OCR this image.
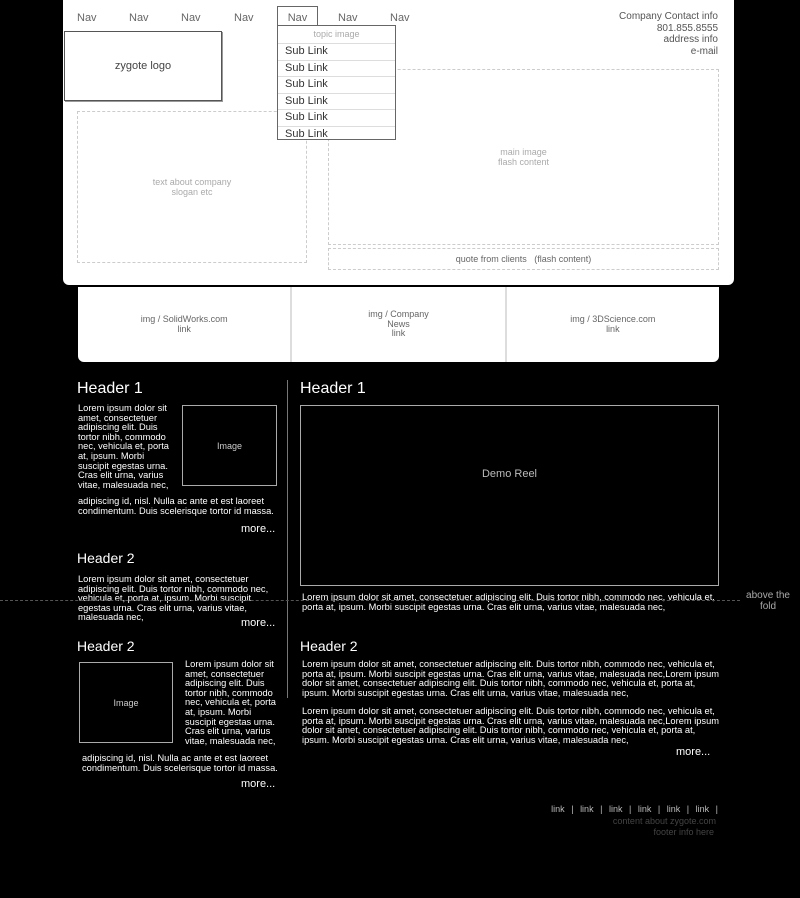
Nav	Nav	Nav	Nav	Nav	Nav	Nav	Company Contact info
801.855.8555
address info
e-mail
text about company
slogan etc
main image
flash content
quote from clients   (flash content)
zygote logo
topic image
Sub Link
Sub Link
Sub Link
Sub Link
Sub Link
Sub Link
img / SolidWorks.com
link
img / Company
News
link
img / 3DScience.com
link
Header 1
Lorem ipsum dolor sit amet, consectetuer adipiscing elit. Duis tortor nibh, commodo nec, vehicula et, porta at, ipsum. Morbi suscipit egestas urna. Cras elit urna, varius vitae, malesuada nec,
Image
adipiscing id, nisl. Nulla ac ante et est laoreet condimentum. Duis scelerisque tortor id massa.
more...
Header 2
Lorem ipsum dolor sit amet, consectetuer adipiscing elit. Duis tortor nibh, commodo nec, vehicula et, porta at, ipsum. Morbi suscipit egestas urna. Cras elit urna, varius vitae, malesuada nec,	more...
Header 2
Image
Lorem ipsum dolor sit amet, consectetuer adipiscing elit. Duis tortor nibh, commodo nec, vehicula et, porta at, ipsum. Morbi suscipit egestas urna. Cras elit urna, varius vitae, malesuada nec,
adipiscing id, nisl. Nulla ac ante et est laoreet condimentum. Duis scelerisque tortor id massa.
more...
Header 1
Demo Reel
Lorem ipsum dolor sit amet, consectetuer adipiscing elit. Duis tortor nibh, commodo nec, vehicula et, porta at, ipsum. Morbi suscipit egestas urna. Cras elit urna, varius vitae, malesuada nec,
Header 2
Lorem ipsum dolor sit amet, consectetuer adipiscing elit. Duis tortor nibh, commodo nec, vehicula et, porta at, ipsum. Morbi suscipit egestas urna. Cras elit urna, varius vitae, malesuada nec,Lorem ipsum dolor sit amet, consectetuer adipiscing elit. Duis tortor nibh, commodo nec, vehicula et, porta at, ipsum. Morbi suscipit egestas urna. Cras elit urna, varius vitae, malesuada nec,
Lorem ipsum dolor sit amet, consectetuer adipiscing elit. Duis tortor nibh, commodo nec, vehicula et, porta at, ipsum. Morbi suscipit egestas urna. Cras elit urna, varius vitae, malesuada nec,Lorem ipsum dolor sit amet, consectetuer adipiscing elit. Duis tortor nibh, commodo nec, vehicula et, porta at, ipsum. Morbi suscipit egestas urna. Cras elit urna, varius vitae, malesuada nec,
more...
above the
fold
link | link | link | link | link | link |
content about zygote.com
footer info here
